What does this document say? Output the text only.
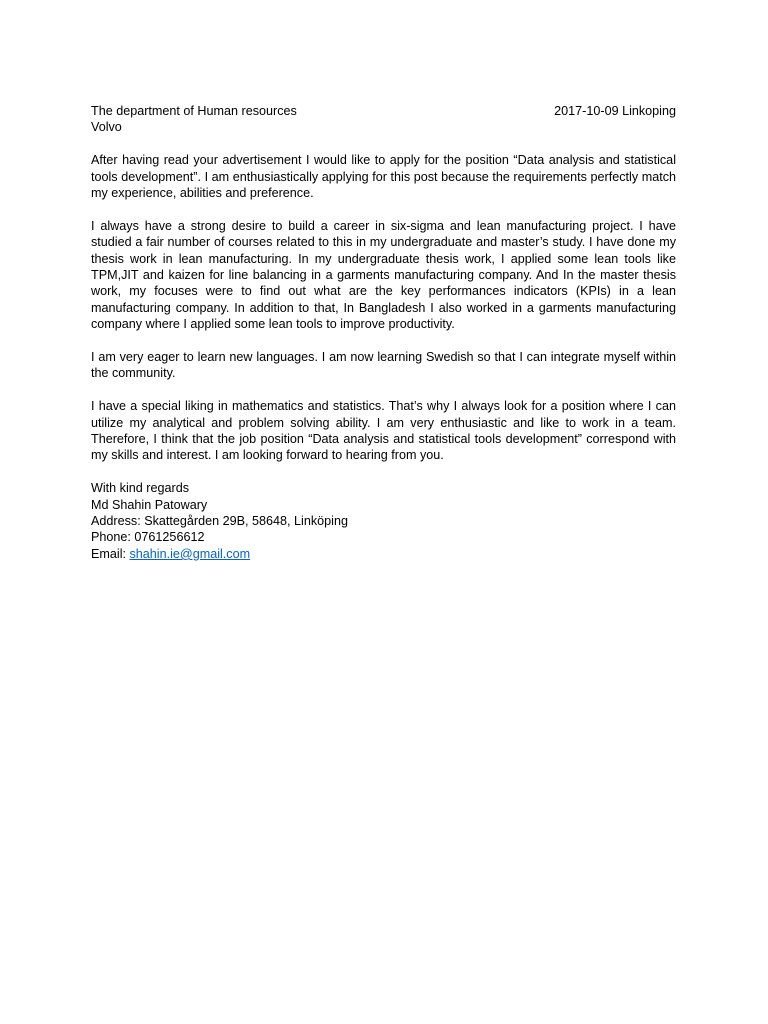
The department of Human resources	2017-10-09 Linkoping
Volvo

After having read your advertisement I would like to apply for the position “Data analysis and statistical tools development”. I am enthusiastically applying for this post because the requirements perfectly match my experience, abilities and preference.

I always have a strong desire to build a career in six-sigma and lean manufacturing project. I have studied a fair number of courses related to this in my undergraduate and master’s study. I have done my thesis work in lean manufacturing. In my undergraduate thesis work, I applied some lean tools like TPM,JIT and kaizen for line balancing in a garments manufacturing company. And In the master thesis work, my focuses were to find out what are the key performances indicators (KPIs) in a lean manufacturing company. In addition to that, In Bangladesh I also worked in a garments manufacturing company where I applied some lean tools to improve productivity.

I am very eager to learn new languages. I am now learning Swedish so that I can integrate myself within the community.

I have a special liking in mathematics and statistics. That’s why I always look for a position where I can utilize my analytical and problem solving ability. I am very enthusiastic and like to work in a team. Therefore, I think that the job position “Data analysis and statistical tools development” correspond with my skills and interest. I am looking forward to hearing from you.

With kind regards
Md Shahin Patowary
Address: Skattegården 29B, 58648, Linköping
Phone: 0761256612
Email: shahin.ie@gmail.com
